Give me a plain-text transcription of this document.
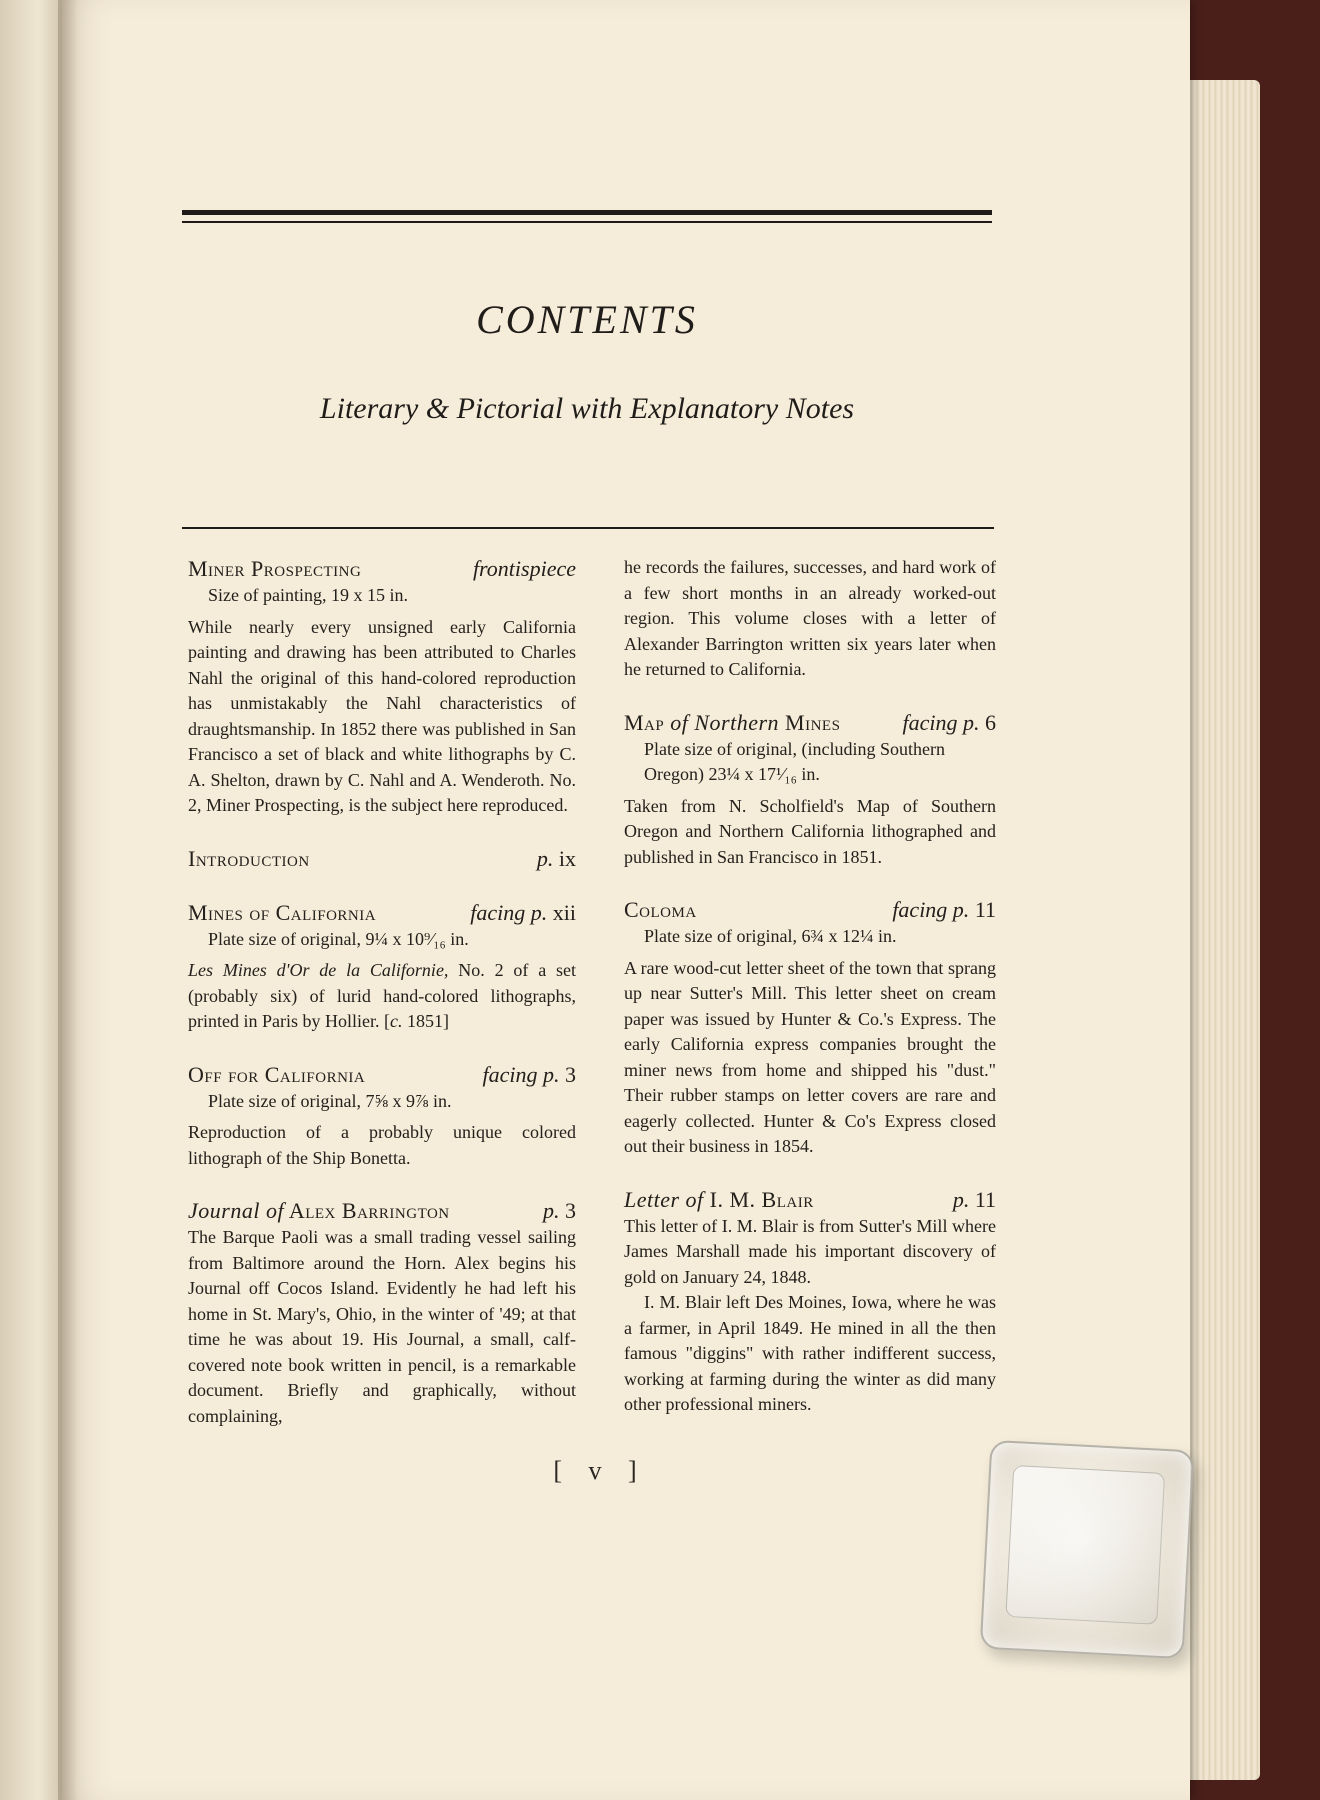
CONTENTS
Literary & Pictorial with Explanatory Notes
Miner Prospecting	frontispiece

Size of painting, 19 x 15 in.

While nearly every unsigned early California painting and drawing has been attributed to Charles Nahl the original of this hand-colored reproduction has unmistakably the Nahl characteristics of draughtsmanship. In 1852 there was published in San Francisco a set of black and white lithographs by C. A. Shelton, drawn by C. Nahl and A. Wenderoth. No. 2, Miner Prospecting, is the subject here reproduced.

Introduction	p. ix
Mines of California	facing p. xii

Plate size of original, 9¼ x 10⁹⁄₁₆ in.

Les Mines d'Or de la Californie, No. 2 of a set (probably six) of lurid hand-colored lithographs, printed in Paris by Hollier. [c. 1851]

Off for California	facing p. 3

Plate size of original, 7⅝ x 9⅞ in.

Reproduction of a probably unique colored lithograph of the Ship Bonetta.

Journal of Alex Barrington	p. 3

The Barque Paoli was a small trading vessel sailing from Baltimore around the Horn. Alex begins his Journal off Cocos Island. Evidently he had left his home in St. Mary's, Ohio, in the winter of '49; at that time he was about 19. His Journal, a small, calf-covered note book written in pencil, is a remarkable document. Briefly and graphically, without complaining,

he records the failures, successes, and hard work of a few short months in an already worked-out region. This volume closes with a letter of Alexander Barrington written six years later when he returned to California.

Map of Northern Mines	facing p. 6

Plate size of original, (including Southern Oregon) 23¼ x 17¹⁄₁₆ in.

Taken from N. Scholfield's Map of Southern Oregon and Northern California lithographed and published in San Francisco in 1851.

Coloma	facing p. 11

Plate size of original, 6¾ x 12¼ in.

A rare wood-cut letter sheet of the town that sprang up near Sutter's Mill. This letter sheet on cream paper was issued by Hunter & Co.'s Express. The early California express companies brought the miner news from home and shipped his "dust." Their rubber stamps on letter covers are rare and eagerly collected. Hunter & Co's Express closed out their business in 1854.

Letter of I. M. Blair	p. 11

This letter of I. M. Blair is from Sutter's Mill where James Marshall made his important discovery of gold on January 24, 1848.

I. M. Blair left Des Moines, Iowa, where he was a farmer, in April 1849. He mined in all the then famous "diggins" with rather indifferent success, working at farming during the winter as did many other professional miners.

[ v ]
